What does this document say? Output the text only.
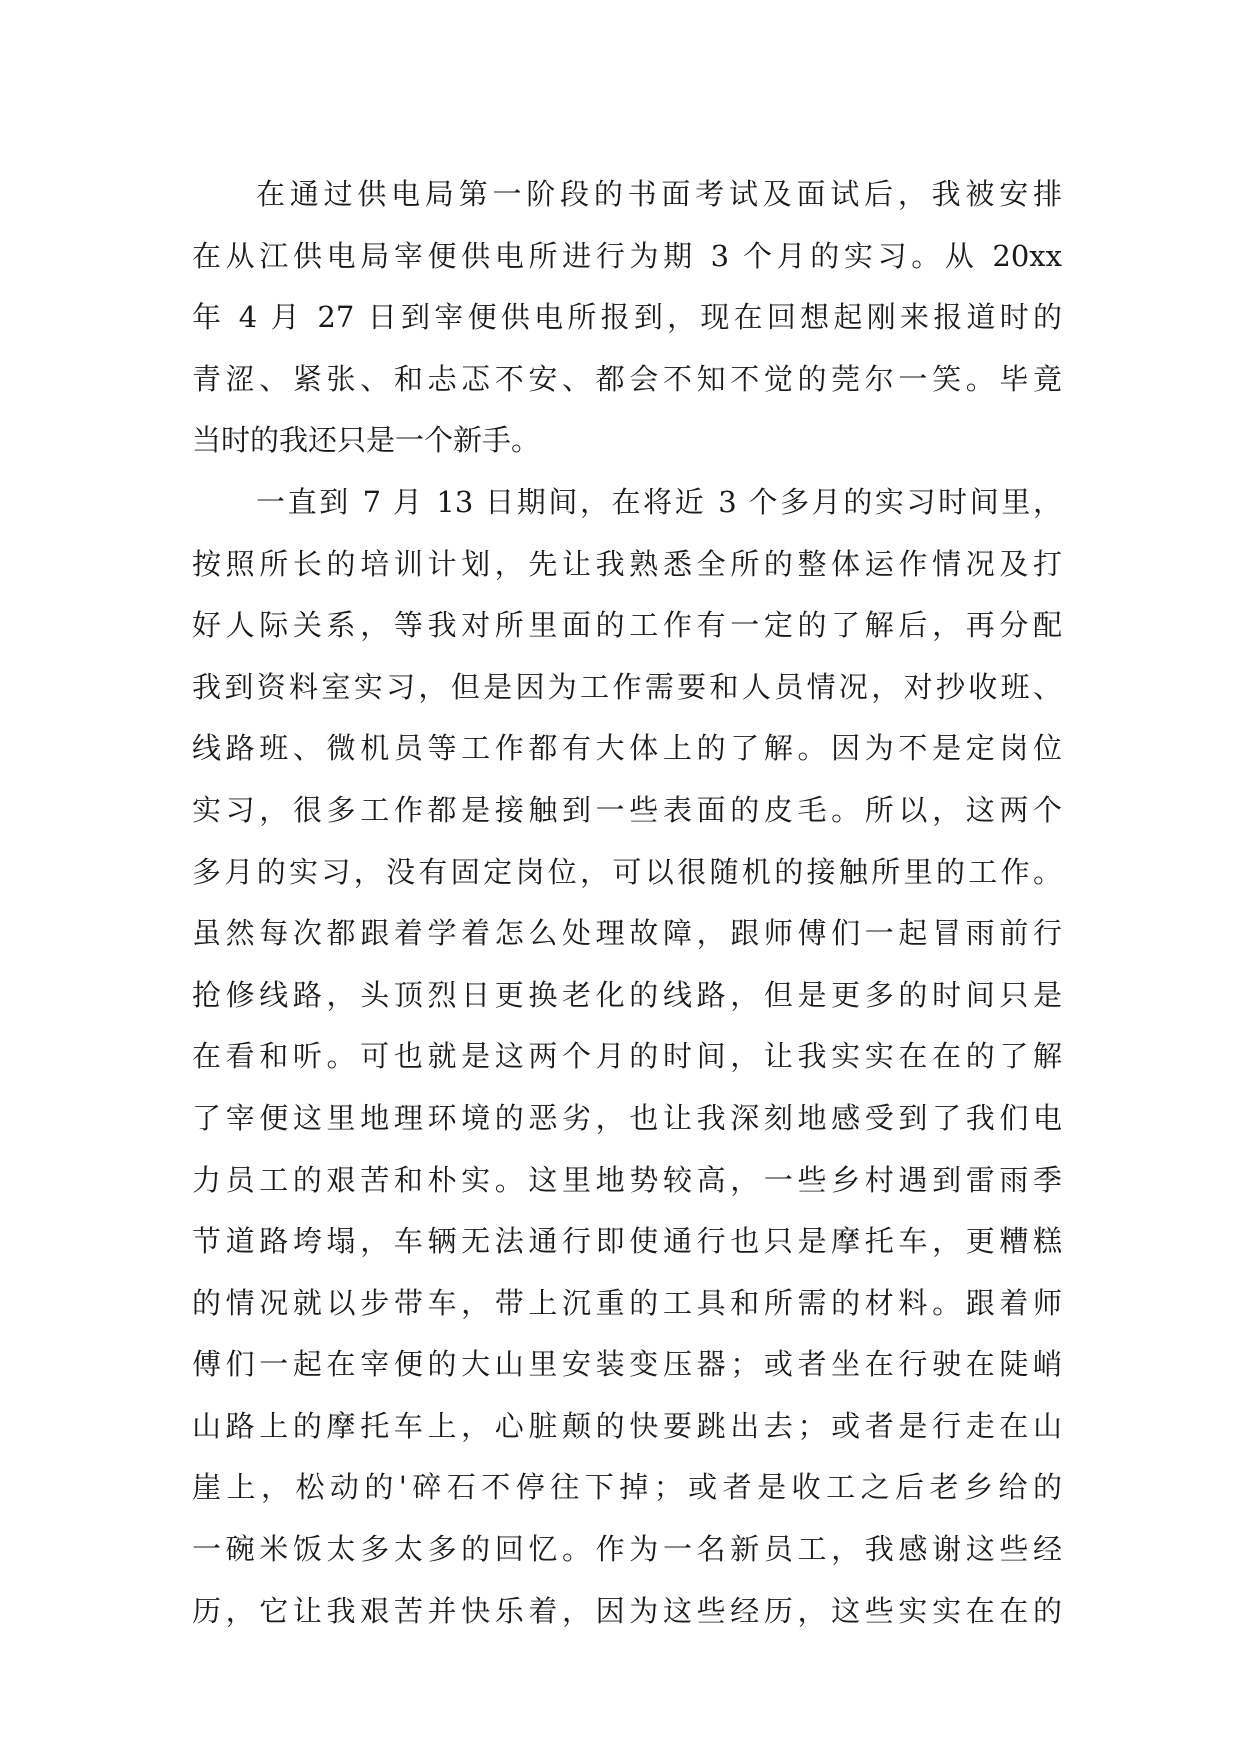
在通过供电局第一阶段的书面考试及面试后，我被安排
在从江供电局宰便供电所进行为期 3 个月的实习。从 20xx
年 4 月 27 日到宰便供电所报到，现在回想起刚来报道时的
青涩、紧张、和忐忑不安、都会不知不觉的莞尔一笑。毕竟
当时的我还只是一个新手。
一直到 7 月 13 日期间，在将近 3 个多月的实习时间里，
按照所长的培训计划，先让我熟悉全所的整体运作情况及打
好人际关系，等我对所里面的工作有一定的了解后，再分配
我到资料室实习，但是因为工作需要和人员情况，对抄收班、
线路班、微机员等工作都有大体上的了解。因为不是定岗位
实习，很多工作都是接触到一些表面的皮毛。所以，这两个
多月的实习，没有固定岗位，可以很随机的接触所里的工作。
虽然每次都跟着学着怎么处理故障，跟师傅们一起冒雨前行
抢修线路，头顶烈日更换老化的线路，但是更多的时间只是
在看和听。可也就是这两个月的时间，让我实实在在的了解
了宰便这里地理环境的恶劣，也让我深刻地感受到了我们电
力员工的艰苦和朴实。这里地势较高，一些乡村遇到雷雨季
节道路垮塌，车辆无法通行即使通行也只是摩托车，更糟糕
的情况就以步带车，带上沉重的工具和所需的材料。跟着师
傅们一起在宰便的大山里安装变压器；或者坐在行驶在陡峭
山路上的摩托车上，心脏颠的快要跳出去；或者是行走在山
崖上，松动的'碎石不停往下掉；或者是收工之后老乡给的
一碗米饭太多太多的回忆。作为一名新员工，我感谢这些经
历，它让我艰苦并快乐着，因为这些经历，这些实实在在的
